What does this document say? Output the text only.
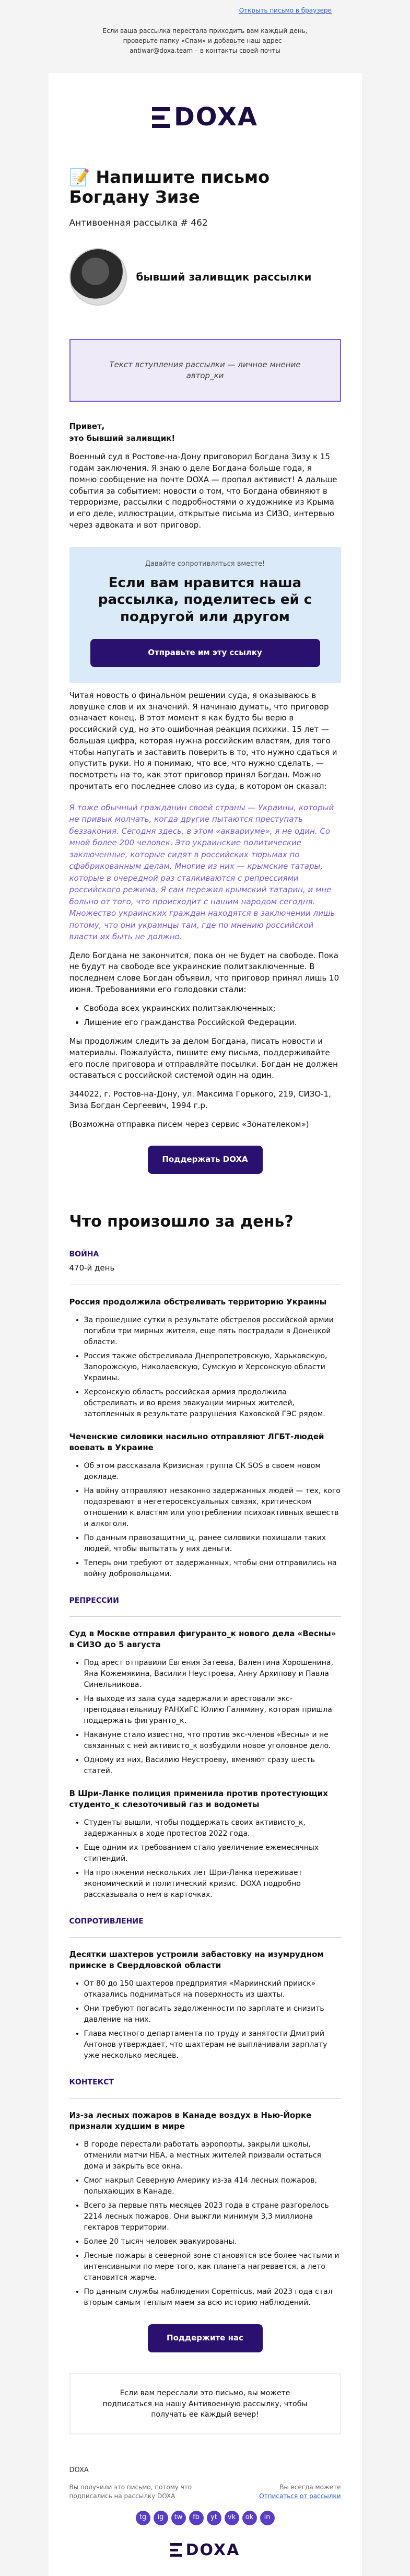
Открыть письмо в браузере
Если ваша рассылка перестала приходить вам каждый день, проверьте папку «Спам» и добавьте наш адрес – antiwar@doxa.team – в контакты своей почты
DOXA
📝 Напишите письмо Богдану Зизе
Антивоенная рассылка # 462
бывший заливщик рассылки
Текст вступления рассылки — личное мнение автор_ки
Привет,
это бывший заливщик!

Военный суд в Ростове-на-Дону приговорил Богдана Зизу к 15 годам заключения. Я знаю о деле Богдана больше года, я помню сообщение на почте DOXA — пропал активист! А дальше события за событием: новости о том, что Богдана обвиняют в терроризме, рассылки с подробностями о художнике из Крыма и его деле, иллюстрации, открытые письма из СИЗО, интервью через адвоката и вот приговор.

Давайте сопротивляться вместе!
Если вам нравится наша рассылка, поделитесь ей с подругой или другом
Отправьте им эту ссылку

Читая новость о финальном решении суда, я оказываюсь в ловушке слов и их значений. Я начинаю думать, что приговор означает конец. В этот момент я как будто бы верю в российский суд, но это ошибочная реакция психики. 15 лет — большая цифра, которая нужна российским властям, для того чтобы напугать и заставить поверить в то, что нужно сдаться и опустить руки. Но я понимаю, что все, что нужно сделать, — посмотреть на то, как этот приговор принял Богдан. Можно прочитать его последнее слово из суда, в котором он сказал:

Я тоже обычный гражданин своей страны — Украины, который не привык молчать, когда другие пытаются преступать беззакония. Сегодня здесь, в этом «аквариуме», я не один. Со мной более 200 человек. Это украинские политические заключенные, которые сидят в российских тюрьмах по сфабрикованным делам. Многие из них — крымские татары, которые в очередной раз сталкиваются с репрессиями российского режима. Я сам пережил крымский татарин, и мне больно от того, что происходит с нашим народом сегодня. Множество украинских граждан находятся в заключении лишь потому, что они украинцы там, где по мнению российской власти их быть не должно.

Дело Богдана не закончится, пока он не будет на свободе. Пока не будут на свободе все украинские политзаключенные. В последнем слове Богдан объявил, что приговор принял лишь 10 июня. Требованиями его голодовки стали:

• Свобода всех украинских политзаключенных;
• Лишение его гражданства Российской Федерации.

Мы продолжим следить за делом Богдана, писать новости и материалы. Пожалуйста, пишите ему письма, поддерживайте его после приговора и отправляйте посылки. Богдан не должен оставаться с российской системой один на один.

344022, г. Ростов-на-Дону, ул. Максима Горького, 219, СИЗО-1, Зиза Богдан Сергеевич, 1994 г.р.

(Возможна отправка писем через сервис «Зонателеком»)

Поддержать DOXA
Что произошло за день?
ВОЙНА
470-й день
Россия продолжила обстреливать территорию Украины
• За прошедшие сутки в результате обстрелов российской армии погибли три мирных жителя, еще пять пострадали в Донецкой области.
• Россия также обстреливала Днепропетровскую, Харьковскую, Запорожскую, Николаевскую, Сумскую и Херсонскую области Украины.
• Херсонскую область российская армия продолжила обстреливать и во время эвакуации мирных жителей, затопленных в результате разрушения Каховской ГЭС рядом.
Чеченские силовики насильно отправляют ЛГБТ-людей воевать в Украине
• Об этом рассказала Кризисная группа СК SOS в своем новом докладе.
• На войну отправляют незаконно задержанных людей — тех, кого подозревают в негетеросексуальных связях, критическом отношении к властям или употреблении психоактивных веществ и алкоголя.
• По данным правозащитни_ц, ранее силовики похищали таких людей, чтобы выпытать у них деньги.
• Теперь они требуют от задержанных, чтобы они отправились на войну добровольцами.
РЕПРЕССИИ
Суд в Москве отправил фигуранто_к нового дела «Весны» в СИЗО до 5 августа
• Под арест отправили Евгения Затеева, Валентина Хорошенина, Яна Кожемякина, Василия Неустроева, Анну Архипову и Павла Синельникова.
• На выходе из зала суда задержали и арестовали экс-преподавательницу РАНХиГС Юлию Галямину, которая пришла поддержать фигуранто_к.
• Накануне стало известно, что против экс-членов «Весны» и не связанных с ней активисто_к возбудили новое уголовное дело.
• Одному из них, Василию Неустроеву, вменяют сразу шесть статей.
В Шри-Ланке полиция применила против протестующих студенто_к слезоточивый газ и водометы
• Студенты вышли, чтобы поддержать своих активисто_к, задержанных в ходе протестов 2022 года.
• Еще одним их требованием стало увеличение ежемесячных стипендий.
• На протяжении нескольких лет Шри-Ланка переживает экономический и политический кризис. DOXA подробно рассказывала о нем в карточках.
СОПРОТИВЛЕНИЕ
Десятки шахтеров устроили забастовку на изумрудном прииске в Свердловской области
• От 80 до 150 шахтеров предприятия «Мариинский прииск» отказались подниматься на поверхность из шахты.
• Они требуют погасить задолженности по зарплате и снизить давление на них.
• Глава местного департамента по труду и занятости Дмитрий Антонов утверждает, что шахтерам не выплачивали зарплату уже несколько месяцев.
КОНТЕКСТ
Из-за лесных пожаров в Канаде воздух в Нью-Йорке признали худшим в мире
• В городе перестали работать аэропорты, закрыли школы, отменили матчи НБА, а местных жителей призвали остаться дома и закрыть все окна.
• Смог накрыл Северную Америку из-за 414 лесных пожаров, полыхающих в Канаде.
• Всего за первые пять месяцев 2023 года в стране разгорелось 2214 лесных пожаров. Они выжгли минимум 3,3 миллиона гектаров территории.
• Более 20 тысяч человек эвакуированы.
• Лесные пожары в северной зоне становятся все более частыми и интенсивными по мере того, как планета нагревается, а лето становится жарче.
• По данным службы наблюдения Copernicus, май 2023 года стал вторым самым теплым маем за всю историю наблюдений.
Поддержите нас
Если вам переслали это письмо, вы можете подписаться на нашу Антивоенную рассылку, чтобы получать ее каждый вечер!
DOXA
Вы получили это письмо, потому что подписались на рассылку DOXA
Вы всегда можете
Отписаться от рассылки
tg	ig	tw	fb	yt	vk	ok	in
DOXA
